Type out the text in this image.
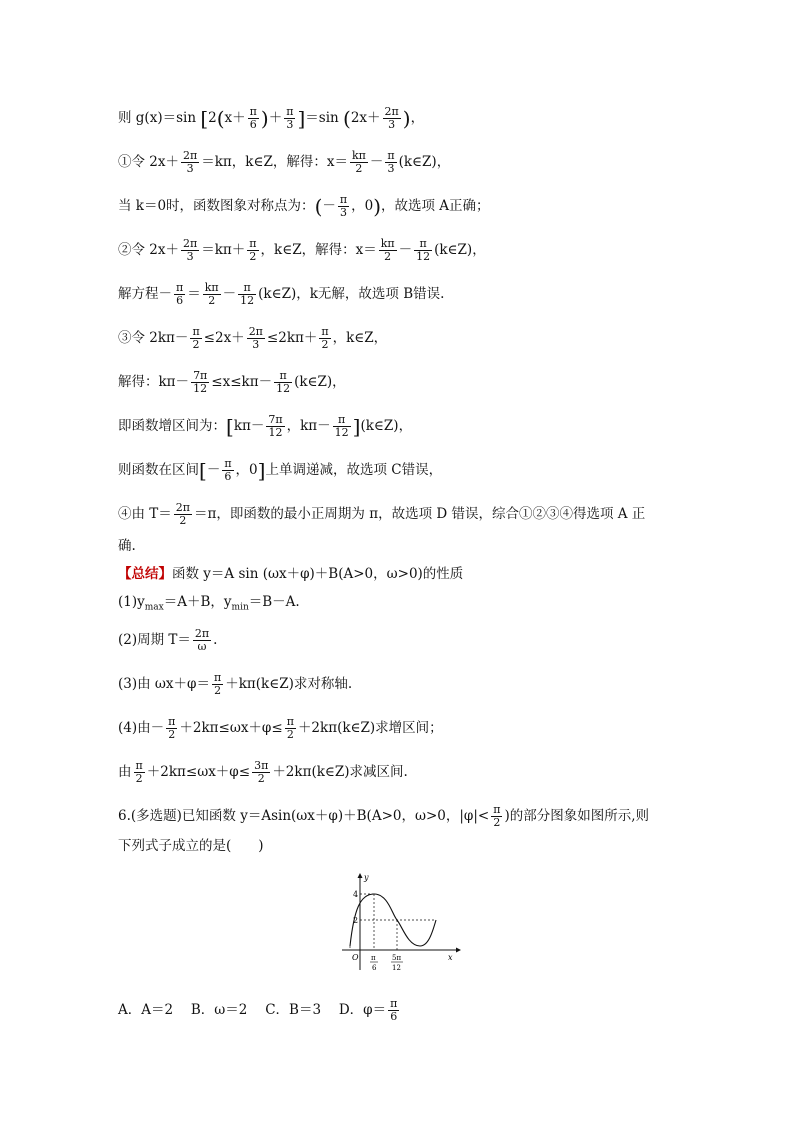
则 g(x)＝sin [$2(x+ \frac{\pi}{6}$ )＋ $\frac{\pi}{3} ]=\sin$ ($2x+ \frac{2\pi}{3}$ )，
①令 $2x+ \frac{2\pi}{3} =k\pi$，k∈Z，解得：$x= \frac{k\pi}{2} - \frac{\pi}{3}$ (k∈Z)，
当 k＝0时，函数图象对称点为：(－ $\frac{\pi}{3}$ ，0)，故选项 A正确；
②令 $2x+ \frac{2\pi}{3} =k\pi+ \frac{\pi}{2}$ ，k∈Z，解得：$x= \frac{k\pi}{2} - \frac{\pi}{12}$ (k∈Z)，
解方程－ $\frac{\pi}{6} = \frac{k\pi}{2} - \frac{\pi}{12}$ (k∈Z)，k无解，故选项 B错误.
③令 $2k\pi- \frac{\pi}{2} \le 2x+ \frac{2\pi}{3} \le 2k\pi+ \frac{\pi}{2}$ ，k∈Z，
解得：$k\pi- \frac{7\pi}{12} \le x\le k\pi- \frac{\pi}{12}$ (k∈Z)，
即函数增区间为：[$k\pi- \frac{7\pi}{12}$ ，$k\pi- \frac{\pi}{12}$ ](k∈Z)，
则函数在区间[－ $\frac{\pi}{6}$ ，0]上单调递减，故选项 C错误，
④由 $T= \frac{2\pi}{2} =\pi$，即函数的最小正周期为 π，故选项 D 错误，综合①②③④得选项 A 正
确.
【总结】函数 y＝A sin (ωx＋φ)＋B(A>0，ω>0)的性质
$(1)y_{max}=A+B$，$y_{min}=B-A$.
(2)周期 $T= \frac{2\pi}{\omega}$ .
(3)由 $\omega x+\varphi= \frac{\pi}{2}$ ＋kπ(k∈Z)求对称轴.
(4)由－ $\frac{\pi}{2} +2k\pi\le\omega x+\varphi\le \frac{\pi}{2}$ ＋2kπ(k∈Z)求增区间；
由 $\frac{\pi}{2} +2k\pi\le\omega x+\varphi\le \frac{3\pi}{2}$ ＋2kπ(k∈Z)求减区间.
6.(多选题)已知函数 y＝Asin(ωx＋φ)＋B(A>0，ω>0，$|\varphi|< \frac{\pi}{2}$ )的部分图象如图所示,则
下列式子成立的是(　　)
y
x
O
4
2
π
6
5π
12
A．A＝2　 B．ω＝2　 C．B＝3　 D．$\varphi= \frac{\pi}{6}$
